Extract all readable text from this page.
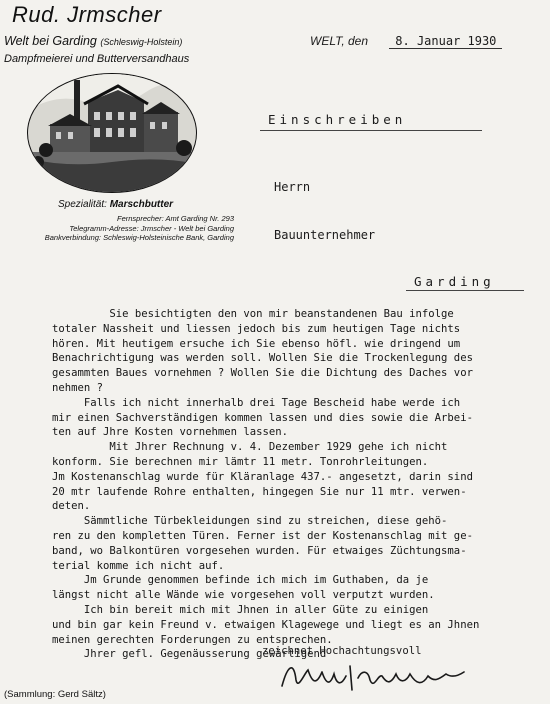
Rud. Jrmscher
Welt bei Garding (Schleswig-Holstein)
Dampfmeierei und Butterversandhaus
Spezialität: Marschbutter
Fernsprecher: Amt Garding Nr. 293
Telegramm-Adresse: Jrmscher - Welt bei Garding
Bankverbindung: Schleswig-Holsteinische Bank, Garding
WELT, den 8. Januar 1930
Einschreiben
Herrn
Bauunternehmer
Garding
Sie besichtigten den von mir beanstandenen Bau infolge
totaler Nassheit und liessen jedoch bis zum heutigen Tage nichts
hören. Mit heutigem ersuche ich Sie ebenso höfl. wie dringend um
Benachrichtigung was werden soll. Wollen Sie die Trockenlegung des
gesammten Baues vornehmen ? Wollen Sie die Dichtung des Daches vor
nehmen ?
Falls ich nicht innerhalb drei Tage Bescheid habe werde ich
mir einen Sachverständigen kommen lassen und dies sowie die Arbei-
ten auf Jhre Kosten vornehmen lassen.
Mit Jhrer Rechnung v. 4. Dezember 1929 gehe ich nicht
konform. Sie berechnen mir lämtr 11 metr. Tonrohrleitungen.
Jm Kostenanschlag wurde für Kläranlage 437.- angesetzt, darin sind
20 mtr laufende Rohre enthalten, hingegen Sie nur 11 mtr. verwen-
deten.
Sämmtliche Türbekleidungen sind zu streichen, diese gehö-
ren zu den kompletten Türen. Ferner ist der Kostenanschlag mit ge-
band, wo Balkontüren vorgesehen wurden. Für etwaiges Züchtungsma-
terial komme ich nicht auf.
Jm Grunde genommen befinde ich mich im Guthaben, da je
längst nicht alle Wände wie vorgesehen voll verputzt wurden.
Ich bin bereit mich mit Jhnen in aller Güte zu einigen
und bin gar kein Freund v. etwaigen Klagewege und liegt es an Jhnen
meinen gerechten Forderungen zu entsprechen.
Jhrer gefl. Gegenäusserung gewärtigend
zeichnet Hochachtungsvoll
(Sammlung: Gerd Sältz)
